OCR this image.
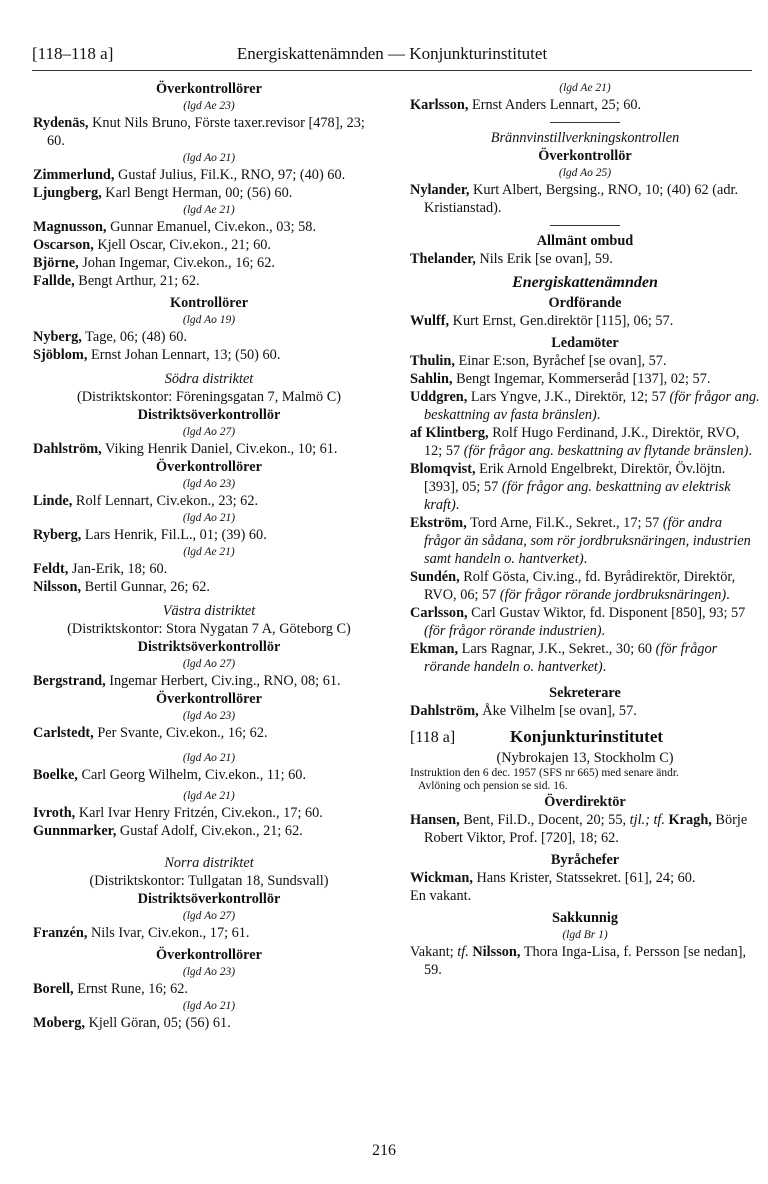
[118–118 a]	Energiskattenämnden — Konjunkturinstitutet

Överkontrollörer

(lgd Ae 23)

Rydenäs, Knut Nils Bruno, Förste taxer.revisor [478], 23; 60.

(lgd Ao 21)

Zimmerlund, Gustaf Julius, Fil.K., RNO, 97; (40) 60.

Ljungberg, Karl Bengt Herman, 00; (56) 60.

(lgd Ae 21)

Magnusson, Gunnar Emanuel, Civ.ekon., 03; 58.

Oscarson, Kjell Oscar, Civ.ekon., 21; 60.

Björne, Johan Ingemar, Civ.ekon., 16; 62.

Fallde, Bengt Arthur, 21; 62.

Kontrollörer

(lgd Ao 19)

Nyberg, Tage, 06; (48) 60.

Sjöblom, Ernst Johan Lennart, 13; (50) 60.

Södra distriktet

(Distriktskontor: Föreningsgatan 7, Malmö C)

Distriktsöverkontrollör

(lgd Ao 27)

Dahlström, Viking Henrik Daniel, Civ.ekon., 10; 61.

Överkontrollörer

(lgd Ao 23)

Linde, Rolf Lennart, Civ.ekon., 23; 62.

(lgd Ao 21)

Ryberg, Lars Henrik, Fil.L., 01; (39) 60.

(lgd Ae 21)

Feldt, Jan-Erik, 18; 60.

Nilsson, Bertil Gunnar, 26; 62.

Västra distriktet

(Distriktskontor: Stora Nygatan 7 A, Göteborg C)

Distriktsöverkontrollör

(lgd Ao 27)

Bergstrand, Ingemar Herbert, Civ.ing., RNO, 08; 61.

Överkontrollörer

(lgd Ao 23)

Carlstedt, Per Svante, Civ.ekon., 16; 62.

(lgd Ao 21)

Boelke, Carl Georg Wilhelm, Civ.ekon., 11; 60.

(lgd Ae 21)

Ivroth, Karl Ivar Henry Fritzén, Civ.ekon., 17; 60.

Gunnmarker, Gustaf Adolf, Civ.ekon., 21; 62.

Norra distriktet

(Distriktskontor: Tullgatan 18, Sundsvall)

Distriktsöverkontrollör

(lgd Ao 27)

Franzén, Nils Ivar, Civ.ekon., 17; 61.

Överkontrollörer

(lgd Ao 23)

Borell, Ernst Rune, 16; 62.

(lgd Ao 21)

Moberg, Kjell Göran, 05; (56) 61.

(lgd Ae 21)

Karlsson, Ernst Anders Lennart, 25; 60.

Brännvinstillverkningskontrollen

Överkontrollör

(lgd Ao 25)

Nylander, Kurt Albert, Bergsing., RNO, 10; (40) 62 (adr. Kristianstad).

Allmänt ombud

Thelander, Nils Erik [se ovan], 59.

Energiskattenämnden

Ordförande

Wulff, Kurt Ernst, Gen.direktör [115], 06; 57.

Ledamöter

Thulin, Einar E:son, Byråchef [se ovan], 57.

Sahlin, Bengt Ingemar, Kommerseråd [137], 02; 57.

Uddgren, Lars Yngve, J.K., Direktör, 12; 57 (för frågor ang. beskattning av fasta bränslen).

af Klintberg, Rolf Hugo Ferdinand, J.K., Direktör, RVO, 12; 57 (för frågor ang. beskattning av flytande bränslen).

Blomqvist, Erik Arnold Engelbrekt, Direktör, Öv.löjtn. [393], 05; 57 (för frågor ang. beskattning av elektrisk kraft).

Ekström, Tord Arne, Fil.K., Sekret., 17; 57 (för andra frågor än sådana, som rör jordbruksnäringen, industrien samt handeln o. hantverket).

Sundén, Rolf Gösta, Civ.ing., fd. Byrådirektör, Direktör, RVO, 06; 57 (för frågor rörande jordbruksnäringen).

Carlsson, Carl Gustav Wiktor, fd. Disponent [850], 93; 57 (för frågor rörande industrien).

Ekman, Lars Ragnar, J.K., Sekret., 30; 60 (för frågor rörande handeln o. hantverket).

Sekreterare

Dahlström, Åke Vilhelm [se ovan], 57.

[118 a]	Konjunkturinstitutet

(Nybrokajen 13, Stockholm C)

Instruktion den 6 dec. 1957 (SFS nr 665) med senare ändr.

Avlöning och pension se sid. 16.

Överdirektör

Hansen, Bent, Fil.D., Docent, 20; 55, tjl.; tf. Kragh, Börje Robert Viktor, Prof. [720], 18; 62.

Byråchefer

Wickman, Hans Krister, Statssekret. [61], 24; 60.

En vakant.

Sakkunnig

(lgd Br 1)

Vakant; tf. Nilsson, Thora Inga-Lisa, f. Persson [se nedan], 59.

216
